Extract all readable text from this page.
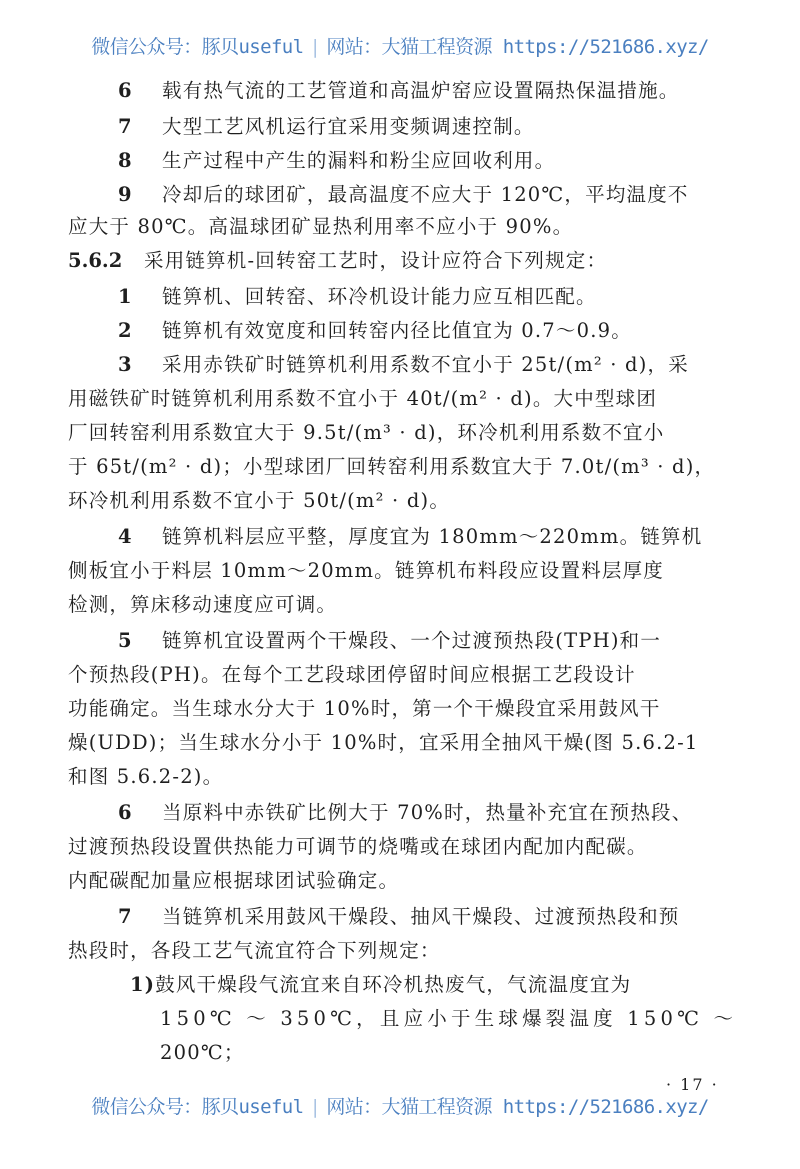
微信公众号：豚贝useful | 网站：大猫工程资源 https://521686.xyz/
6 载有热气流的工艺管道和高温炉窑应设置隔热保温措施。
7 大型工艺风机运行宜采用变频调速控制。
8 生产过程中产生的漏料和粉尘应回收利用。
9 冷却后的球团矿，最高温度不应大于 120℃，平均温度不
应大于 80℃。高温球团矿显热利用率不应小于 90%。
5.6.2 采用链箅机-回转窑工艺时，设计应符合下列规定：
1 链箅机、回转窑、环冷机设计能力应互相匹配。
2 链箅机有效宽度和回转窑内径比值宜为 0.7～0.9。
3 采用赤铁矿时链箅机利用系数不宜小于 25t/(m² · d)，采
用磁铁矿时链箅机利用系数不宜小于 40t/(m² · d)。大中型球团
厂回转窑利用系数宜大于 9.5t/(m³ · d)，环冷机利用系数不宜小
于 65t/(m² · d)；小型球团厂回转窑利用系数宜大于 7.0t/(m³ · d)，
环冷机利用系数不宜小于 50t/(m² · d)。
4 链箅机料层应平整，厚度宜为 180mm～220mm。链箅机
侧板宜小于料层 10mm～20mm。链箅机布料段应设置料层厚度
检测，箅床移动速度应可调。
5 链箅机宜设置两个干燥段、一个过渡预热段(TPH)和一
个预热段(PH)。在每个工艺段球团停留时间应根据工艺段设计
功能确定。当生球水分大于 10%时，第一个干燥段宜采用鼓风干
燥(UDD)；当生球水分小于 10%时，宜采用全抽风干燥(图 5.6.2-1
和图 5.6.2-2)。
6 当原料中赤铁矿比例大于 70%时，热量补充宜在预热段、
过渡预热段设置供热能力可调节的烧嘴或在球团内配加内配碳。
内配碳配加量应根据球团试验确定。
7 当链箅机采用鼓风干燥段、抽风干燥段、过渡预热段和预
热段时，各段工艺气流宜符合下列规定：
1)鼓风干燥段气流宜来自环冷机热废气，气流温度宜为
150℃ ～ 350℃，且应小于生球爆裂温度 150℃ ～
200℃；
· 17 ·
微信公众号：豚贝useful | 网站：大猫工程资源 https://521686.xyz/
